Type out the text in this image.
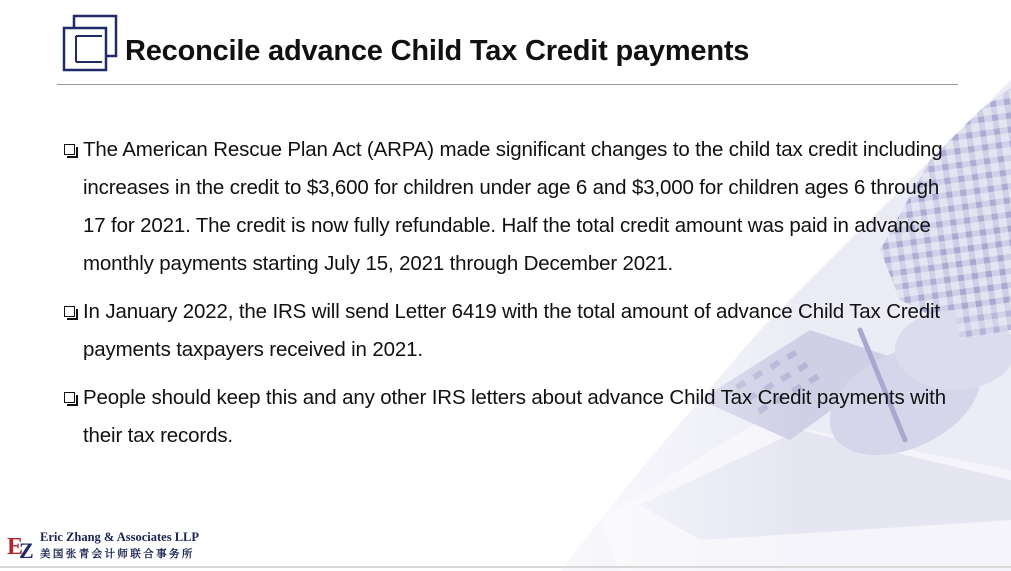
Reconcile advance Child Tax Credit payments
The American Rescue Plan Act (ARPA) made significant changes to the child tax credit including increases in the credit to $3,600 for children under age 6 and $3,000 for children ages 6 through 17 for 2021. The credit is now fully refundable. Half the total credit amount was paid in advance monthly payments starting July 15, 2021 through December 2021.
In January 2022, the IRS will send Letter 6419 with the total amount of advance Child Tax Credit payments taxpayers received in 2021.
People should keep this and any other IRS letters about advance Child Tax Credit payments with their tax records.
E
Z
Eric Zhang & Associates LLP
美国张青会计师联合事务所
